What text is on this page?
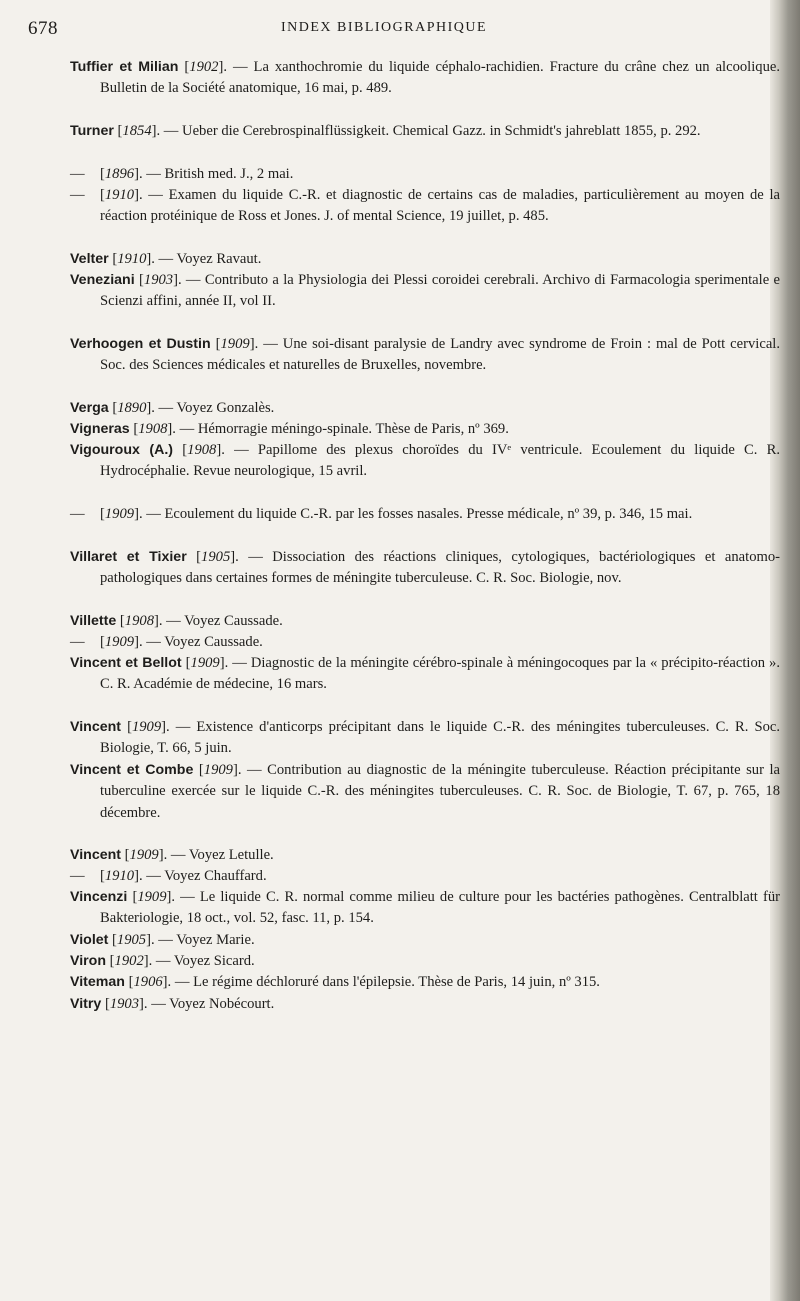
678	INDEX BIBLIOGRAPHIQUE

Tuffier et Milian [1902]. — La xanthochromie du liquide céphalo-rachidien. Fracture du crâne chez un alcoolique. Bulletin de la Société anatomique, 16 mai, p. 489.

Turner [1854]. — Ueber die Cerebrospinalflüssigkeit. Chemical Gazz. in Schmidt's jahreblatt 1855, p. 292.

— [1896]. — British med. J., 2 mai.

— [1910]. — Examen du liquide C.-R. et diagnostic de certains cas de maladies, particulièrement au moyen de la réaction protéinique de Ross et Jones. J. of mental Science, 19 juillet, p. 485.

Velter [1910]. — Voyez Ravaut.

Veneziani [1903]. — Contributo a la Physiologia dei Plessi coroidei cerebrali. Archivo di Farmacologia sperimentale e Scienzi affini, année II, vol II.

Verhoogen et Dustin [1909]. — Une soi-disant paralysie de Landry avec syndrome de Froin : mal de Pott cervical. Soc. des Sciences médicales et naturelles de Bruxelles, novembre.

Verga [1890]. — Voyez Gonzalès.

Vigneras [1908]. — Hémorragie méningo-spinale. Thèse de Paris, nº 369.

Vigouroux (A.) [1908]. — Papillome des plexus choroïdes du IVᵉ ventricule. Ecoulement du liquide C. R. Hydrocéphalie. Revue neurologique, 15 avril.

— [1909]. — Ecoulement du liquide C.-R. par les fosses nasales. Presse médicale, nº 39, p. 346, 15 mai.

Villaret et Tixier [1905]. — Dissociation des réactions cliniques, cytologiques, bactériologiques et anatomo-pathologiques dans certaines formes de méningite tuberculeuse. C. R. Soc. Biologie, nov.

Villette [1908]. — Voyez Caussade.

— [1909]. — Voyez Caussade.

Vincent et Bellot [1909]. — Diagnostic de la méningite cérébro-spinale à méningocoques par la « précipito-réaction ». C. R. Académie de médecine, 16 mars.

Vincent [1909]. — Existence d'anticorps précipitant dans le liquide C.-R. des méningites tuberculeuses. C. R. Soc. Biologie, T. 66, 5 juin.

Vincent et Combe [1909]. — Contribution au diagnostic de la méningite tuberculeuse. Réaction précipitante sur la tuberculine exercée sur le liquide C.-R. des méningites tuberculeuses. C. R. Soc. de Biologie, T. 67, p. 765, 18 décembre.

Vincent [1909]. — Voyez Letulle.

— [1910]. — Voyez Chauffard.

Vincenzi [1909]. — Le liquide C. R. normal comme milieu de culture pour les bactéries pathogènes. Centralblatt für Bakteriologie, 18 oct., vol. 52, fasc. 11, p. 154.

Violet [1905]. — Voyez Marie.

Viron [1902]. — Voyez Sicard.

Viteman [1906]. — Le régime déchloruré dans l'épilepsie. Thèse de Paris, 14 juin, nº 315.

Vitry [1903]. — Voyez Nobécourt.
